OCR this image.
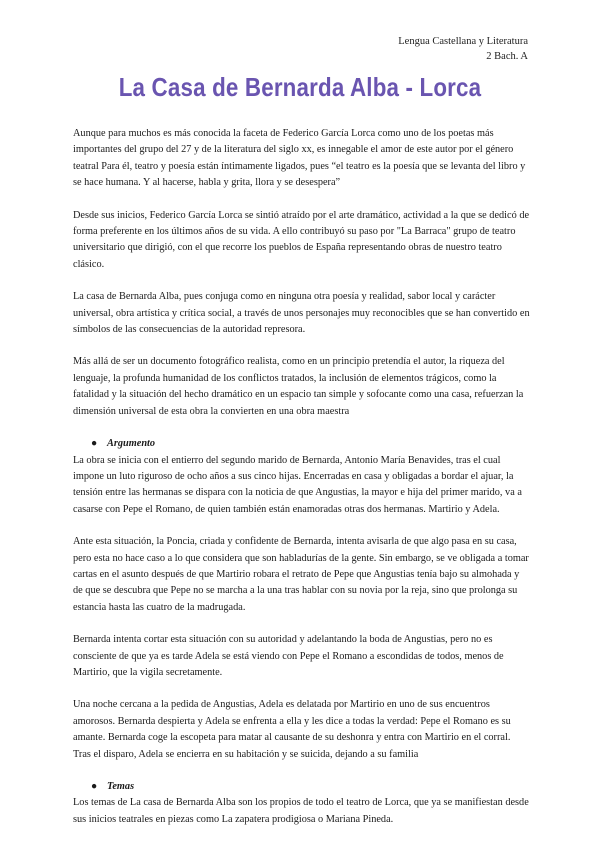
Lengua Castellana y Literatura
2 Bach. A
La Casa de Bernarda Alba - Lorca

Aunque para muchos es más conocida la faceta de Federico García Lorca como uno de los poetas más importantes del grupo del 27 y de la literatura del siglo xx, es innegable el amor de este autor por el género teatral Para él, teatro y poesía están íntimamente ligados, pues “el teatro es la poesía que se levanta del libro y se hace humana. Y al hacerse, habla y grita, llora y se desespera”

Desde sus inicios, Federico García Lorca se sintió atraído por el arte dramático, actividad a la que se dedicó de forma preferente en los últimos años de su vida. A ello contribuyó su paso por "La Barraca" grupo de teatro universitario que dirigió, con el que recorre los pueblos de España representando obras de nuestro teatro clásico.

La casa de Bernarda Alba, pues conjuga como en ninguna otra poesía y realidad, sabor local y carácter universal, obra artística y crítica social, a través de unos personajes muy reconocibles que se han convertido en símbolos de las consecuencias de la autoridad represora.

Más allá de ser un documento fotográfico realista, como en un principio pretendía el autor, la riqueza del lenguaje, la profunda humanidad de los conflictos tratados, la inclusión de elementos trágicos, como la fatalidad y la situación del hecho dramático en un espacio tan simple y sofocante como una casa, refuerzan la dimensión universal de esta obra la convierten en una obra maestra

● Argumento

La obra se inicia con el entierro del segundo marido de Bernarda, Antonio María Benavides, tras el cual impone un luto riguroso de ocho años a sus cinco hijas. Encerradas en casa y obligadas a bordar el ajuar, la tensión entre las hermanas se dispara con la noticia de que Angustias, la mayor e hija del primer marido, va a casarse con Pepe el Romano, de quien también están enamoradas otras dos hermanas. Martirio y Adela.

Ante esta situación, la Poncia, criada y confidente de Bernarda, intenta avisarla de que algo pasa en su casa, pero esta no hace caso a lo que considera que son habladurías de la gente. Sin embargo, se ve obligada a tomar cartas en el asunto después de que Martirio robara el retrato de Pepe que Angustias tenía bajo su almohada y de que se descubra que Pepe no se marcha a la una tras hablar con su novia por la reja, sino que prolonga su estancia hasta las cuatro de la madrugada.

Bernarda intenta cortar esta situación con su autoridad y adelantando la boda de Angustias, pero no es consciente de que ya es tarde Adela se está viendo con Pepe el Romano a escondidas de todos, menos de Martirio, que la vigila secretamente.

Una noche cercana a la pedida de Angustias, Adela es delatada por Martirio en uno de sus encuentros amorosos. Bernarda despierta y Adela se enfrenta a ella y les dice a todas la verdad: Pepe el Romano es su amante. Bernarda coge la escopeta para matar al causante de su deshonra y entra con Martirio en el corral. Tras el disparo, Adela se encierra en su habitación y se suicida, dejando a su familia

● Temas

Los temas de La casa de Bernarda Alba son los propios de todo el teatro de Lorca, que ya se manifiestan desde sus inicios teatrales en piezas como La zapatera prodigiosa o Mariana Pineda.
